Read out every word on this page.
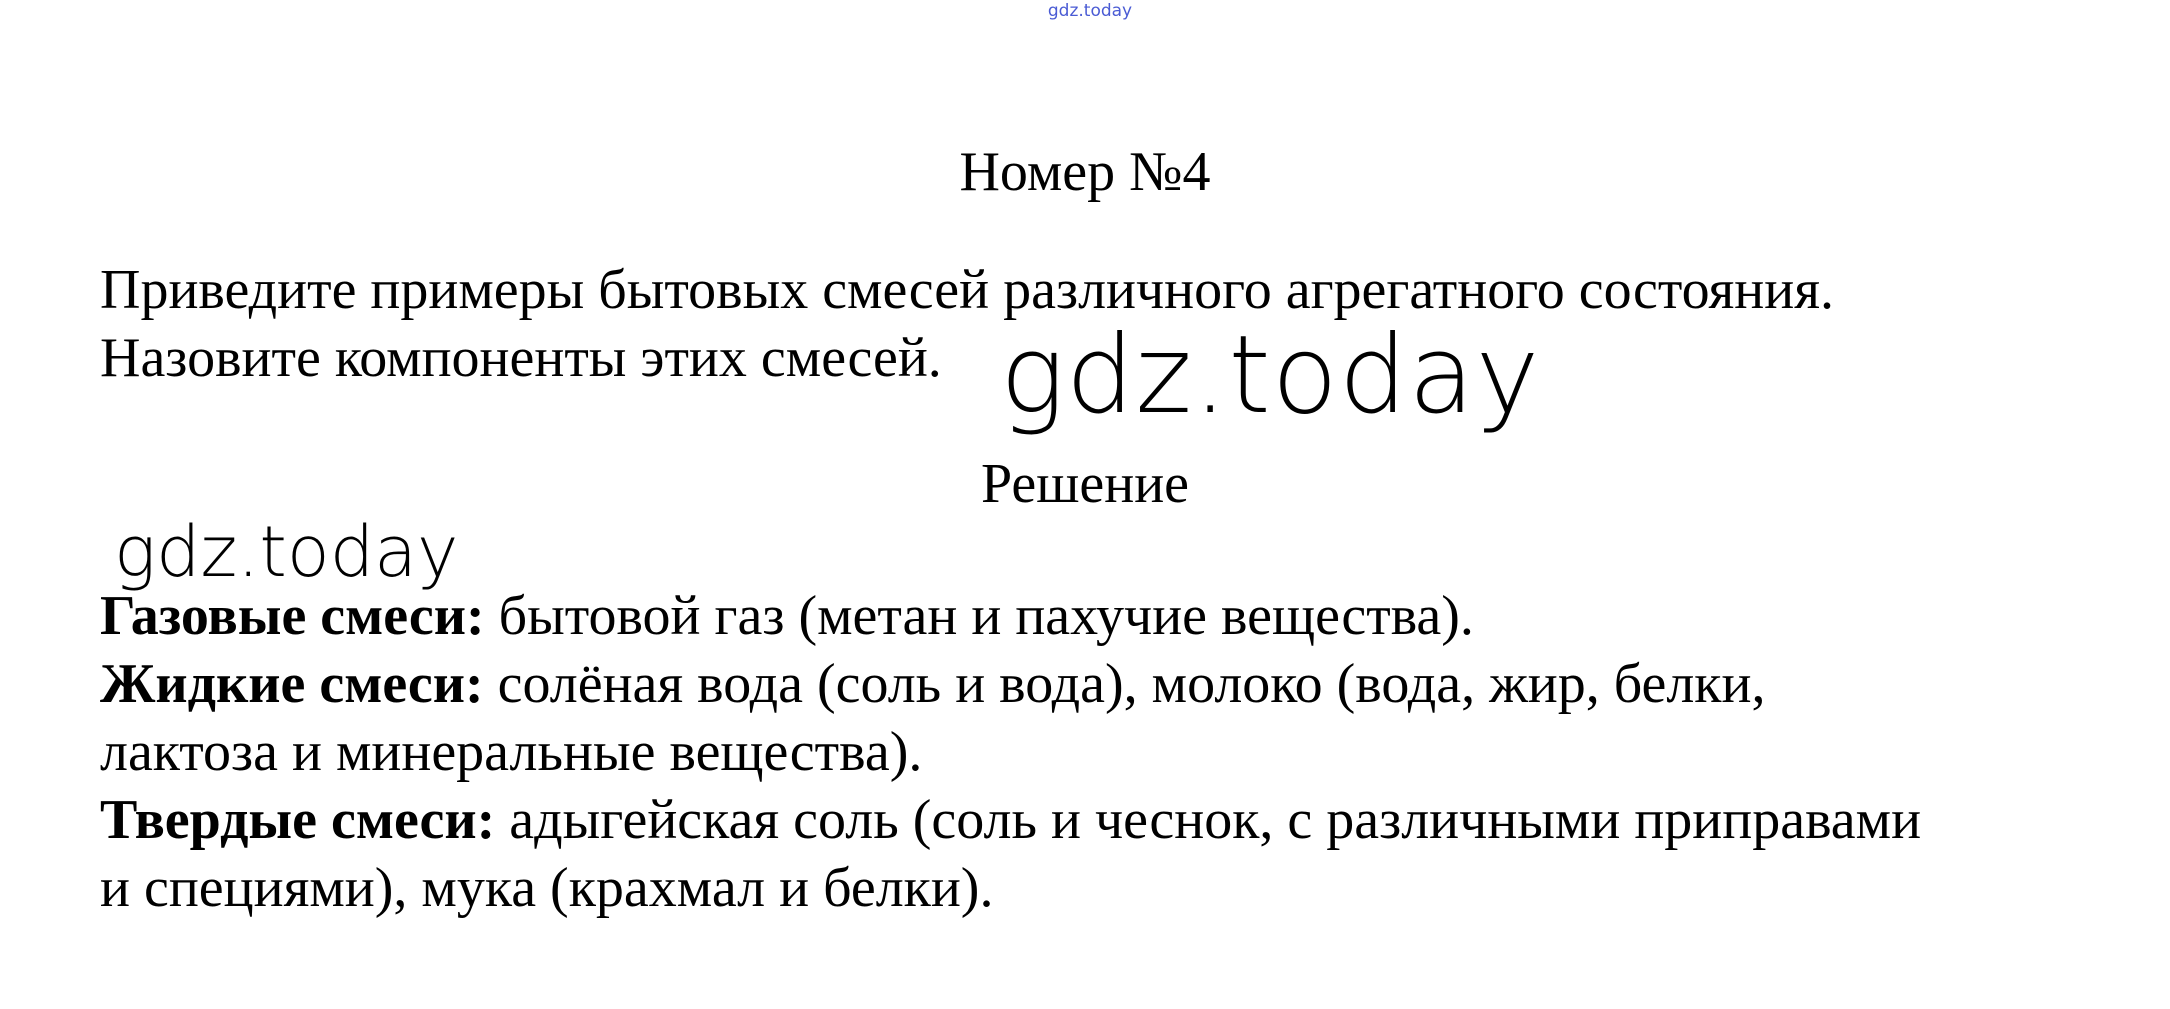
gdz.today
Номер №4
Приведите примеры бытовых смесей различного агрегатного состояния.
Назовите компоненты этих смесей. gdz.today
Решение
gdz.today
Газовые смеси: бытовой газ (метан и пахучие вещества).
Жидкие смеси: солёная вода (соль и вода), молоко (вода, жир, белки,
лактоза и минеральные вещества).
Твердые смеси: адыгейская соль (соль и чеснок, с различными приправами
и специями), мука (крахмал и белки).
